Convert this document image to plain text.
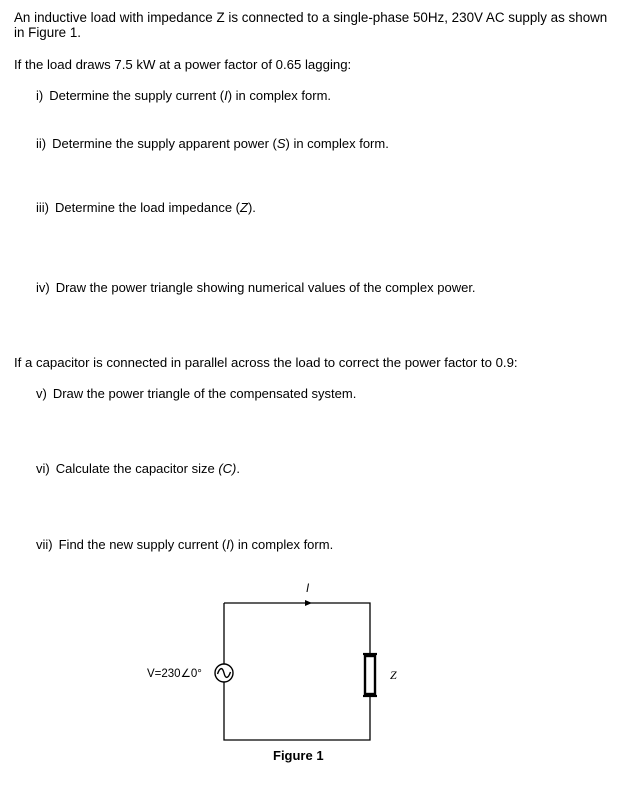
An inductive load with impedance Z is connected to a single-phase 50Hz, 230V AC supply as shown in Figure 1.

If the load draws 7.5 kW at a power factor of 0.65 lagging:

i) Determine the supply current (I) in complex form.

ii) Determine the supply apparent power (S) in complex form.

iii) Determine the load impedance (Z).

iv) Draw the power triangle showing numerical values of the complex power.

If a capacitor is connected in parallel across the load to correct the power factor to 0.9:

v) Draw the power triangle of the compensated system.

vi) Calculate the capacitor size (C).

vii) Find the new supply current (I) in complex form.

I
V=230∠0°	Z
Figure 1
